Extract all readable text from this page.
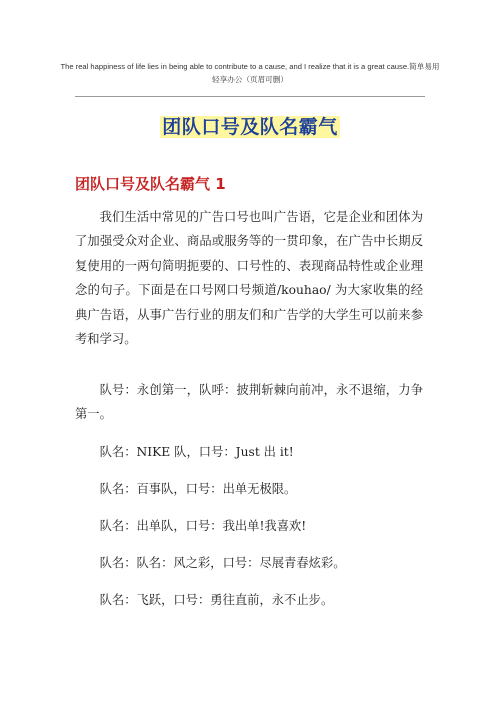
The real happiness of life lies in being able to contribute to a cause, and I realize that it is a great cause.简单易用
轻享办公（页眉可删）
团队口号及队名霸气
团队口号及队名霸气 1

我们生活中常见的广告口号也叫广告语，它是企业和团体为了加强受众对企业、商品或服务等的一贯印象，在广告中长期反复使用的一两句简明扼要的、口号性的、表现商品特性或企业理念的句子。下面是在口号网口号频道/kouhao/ 为大家收集的经典广告语，从事广告行业的朋友们和广告学的大学生可以前来参考和学习。

队号：永创第一，队呼：披荆斩棘向前冲，永不退缩，力争第一。

队名：NIKE 队，口号：Just 出 it!

队名：百事队，口号：出单无极限。

队名：出单队，口号：我出单!我喜欢!

队名：队名：风之彩，口号：尽展青春炫彩。

队名：飞跃，口号：勇往直前，永不止步。
